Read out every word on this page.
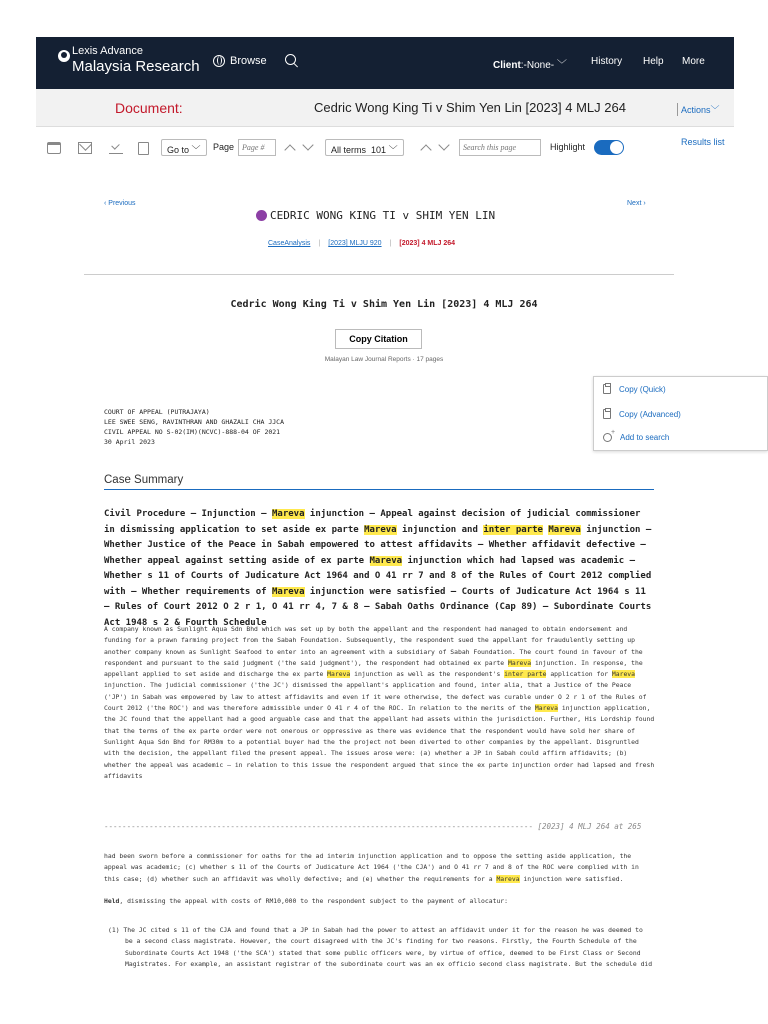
Lexis Advance
Malaysia Research	Browse	Client:-None- ﹀ History Help More
Document:	Cedric Wong King Ti v Shim Yen Lin [2023] 4 MLJ 264	Actions﹀
Go to ﹀	Page
Page #	All terms 101 ﹀
Search this page	Highlight	Results list
‹ Previous	Next ›
CEDRIC WONG KING TI v SHIM YEN LIN
CaseAnalysis | [2023] MLJU 920 | [2023] 4 MLJ 264
Cedric Wong King Ti v Shim Yen Lin [2023] 4 MLJ 264
Copy Citation
Malayan Law Journal Reports · 17 pages
Copy (Quick)
Copy (Advanced)
+
Add to search
COURT OF APPEAL (PUTRAJAYA)
LEE SWEE SENG, RAVINTHRAN AND GHAZALI CHA JJCA
CIVIL APPEAL NO S-02(IM)(NCVC)-888-04 OF 2021
30 April 2023
Case Summary

Civil Procedure — Injunction — Mareva injunction — Appeal against decision of judicial commissioner in dismissing application to set aside ex parte Mareva injunction and inter parte Mareva injunction — Whether Justice of the Peace in Sabah empowered to attest affidavits — Whether affidavit defective — Whether appeal against setting aside of ex parte Mareva injunction which had lapsed was academic — Whether s 11 of Courts of Judicature Act 1964 and O 41 rr 7 and 8 of the Rules of Court 2012 complied with — Whether requirements of Mareva injunction were satisfied — Courts of Judicature Act 1964 s 11 — Rules of Court 2012 O 2 r 1, O 41 rr 4, 7 & 8 — Sabah Oaths Ordinance (Cap 89) — Subordinate Courts Act 1948 s 2 & Fourth Schedule

A company known as Sunlight Aqua Sdn Bhd which was set up by both the appellant and the respondent had managed to obtain endorsement and funding for a prawn farming project from the Sabah Foundation. Subsequently, the respondent sued the appellant for fraudulently setting up another company known as Sunlight Seafood to enter into an agreement with a subsidiary of Sabah Foundation. The court found in favour of the respondent and pursuant to the said judgment ('the said judgment'), the respondent had obtained ex parte Mareva injunction. In response, the appellant applied to set aside and discharge the ex parte Mareva injunction as well as the respondent's inter parte application for Mareva injunction. The judicial commissioner ('the JC') dismissed the appellant's application and found, inter alia, that a Justice of the Peace ('JP') in Sabah was empowered by law to attest affidavits and even if it were otherwise, the defect was curable under O 2 r 1 of the Rules of Court 2012 ('the ROC') and was therefore admissible under O 41 r 4 of the ROC. In relation to the merits of the Mareva injunction application, the JC found that the appellant had a good arguable case and that the appellant had assets within the jurisdiction. Further, His Lordship found that the terms of the ex parte order were not onerous or oppressive as there was evidence that the respondent would have sold her share of Sunlight Aqua Sdn Bhd for RM30m to a potential buyer had the the project not been diverted to other companies by the appellant. Disgruntled with the decision, the appellant filed the present appeal. The issues arose were: (a) whether a JP in Sabah could affirm affidavits; (b) whether the appeal was academic — in relation to this issue the respondent argued that since the ex parte injunction order had lapsed and fresh affidavits
----------------------------------------------------------------------------------------------- [2023] 4 MLJ 264 at 265
had been sworn before a commissioner for oaths for the ad interim injunction application and to oppose the setting aside application, the appeal was academic; (c) whether s 11 of the Courts of Judicature Act 1964 ('the CJA') and O 41 rr 7 and 8 of the ROC were complied with in this case; (d) whether such an affidavit was wholly defective; and (e) whether the requirements for a Mareva injunction were satisfied.
Held, dismissing the appeal with costs of RM10,000 to the respondent subject to the payment of allocatur:
(1) The JC cited s 11 of the CJA and found that a JP in Sabah had the power to attest an affidavit under it for the reason he was deemed to be a second class magistrate. However, the court disagreed with the JC's finding for two reasons. Firstly, the Fourth Schedule of the Subordinate Courts Act 1948 ('the SCA') stated that some public officers were, by virtue of office, deemed to be First Class or Second Magistrates. For example, an assistant registrar of the subordinate court was an ex officio second class magistrate. But the schedule did
